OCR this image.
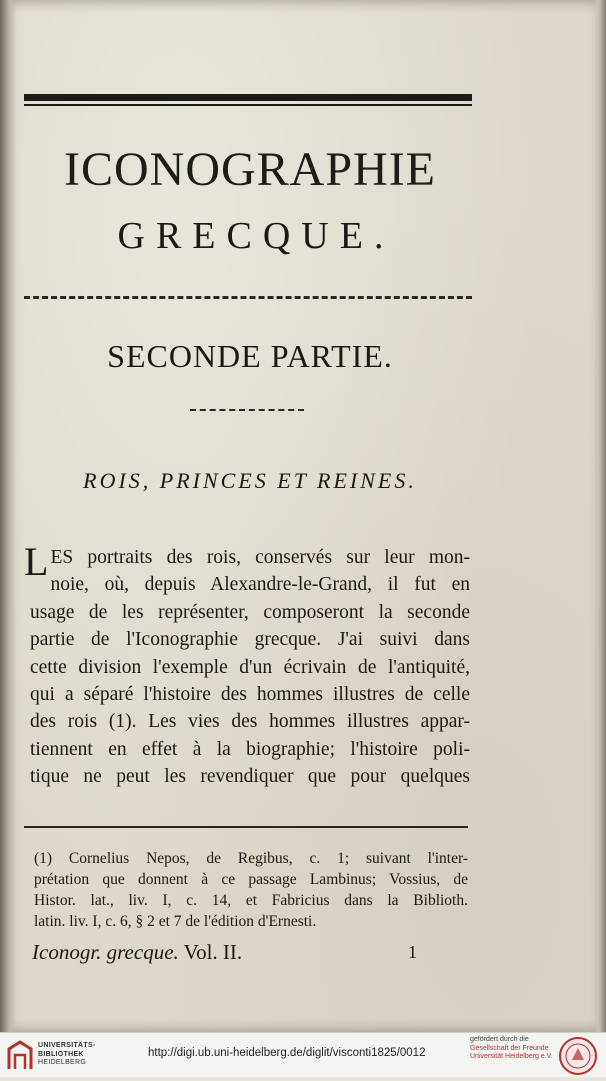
ICONOGRAPHIE
GRECQUE.
SECONDE PARTIE.
ROIS, PRINCES ET REINES.
L ES portraits des rois, conservés sur leur mon-
noie, où, depuis Alexandre-le-Grand, il fut en
usage de les représenter, composeront la seconde
partie de l'Iconographie grecque. J'ai suivi dans
cette division l'exemple d'un écrivain de l'antiquité,
qui a séparé l'histoire des hommes illustres de celle
des rois (1). Les vies des hommes illustres appar-
tiennent en effet à la biographie; l'histoire poli-
tique ne peut les revendiquer que pour quelques
(1) Cornelius Nepos, de Regibus, c. 1; suivant l'inter-
prétation que donnent à ce passage Lambinus; Vossius, de
Histor. lat., liv. I, c. 14, et Fabricius dans la Biblioth.
latin. liv. I, c. 6, § 2 et 7 de l'édition d'Ernesti.
Iconogr. grecque. Vol. II.	1
UNIVERSITÄTS-
BIBLIOTHEK
HEIDELBERG
http://digi.ub.uni-heidelberg.de/diglit/visconti1825/0012
gefördert durch die
Gesellschaft der Freunde
Universität Heidelberg e.V.
